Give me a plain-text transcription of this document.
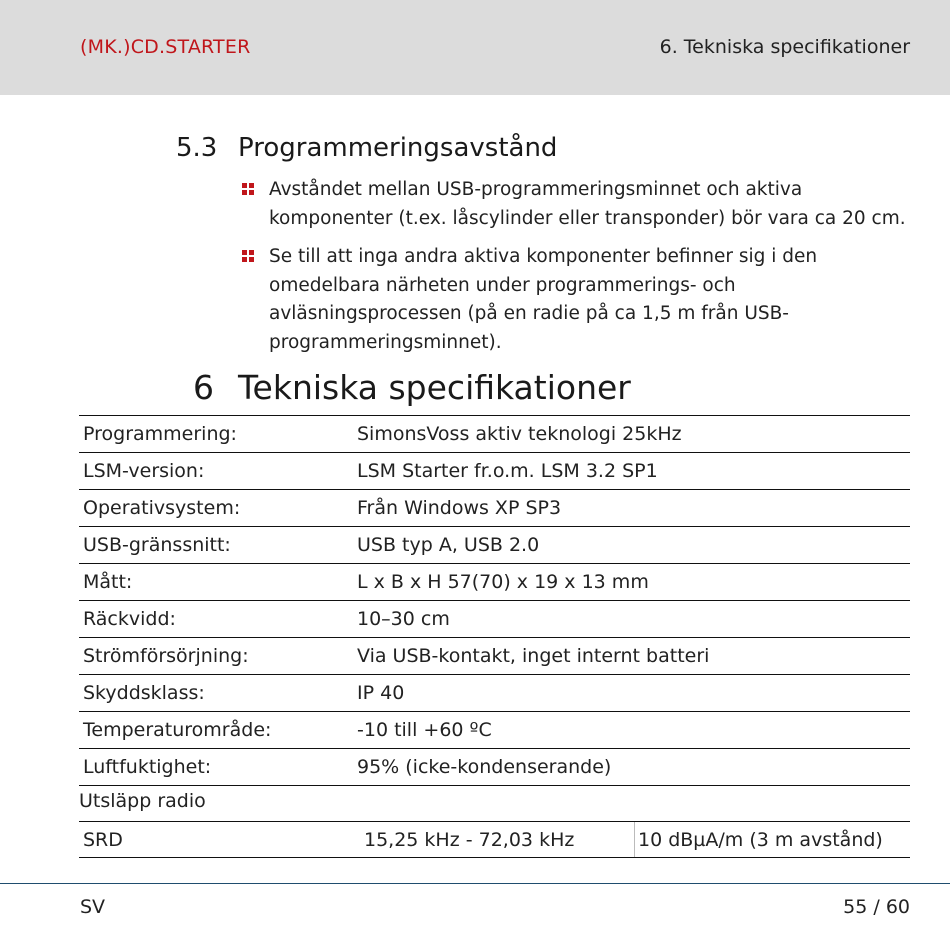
(MK.)CD.STARTER	6. Tekniska specifikationer
5.3 Programmeringsavstånd
Avståndet mellan USB-programmeringsminnet och aktiva komponenter (t.ex. låscylinder eller transponder) bör vara ca 20 cm.
Se till att inga andra aktiva komponenter befinner sig i den omedelbara närheten under programmerings- och avläsningsprocessen (på en radie på ca 1,5 m från USB-programmeringsminnet).
6 Tekniska specifikationer
Programmering:	SimonsVoss aktiv teknologi 25kHz
LSM-version:	LSM Starter fr.o.m. LSM 3.2 SP1
Operativsystem:	Från Windows XP SP3
USB-gränssnitt:	USB typ A, USB 2.0
Mått:	L x B x H 57(70) x 19 x 13 mm
Räckvidd:	10–30 cm
Strömförsörjning:	Via USB-kontakt, inget internt batteri
Skyddsklass:	IP 40
Temperaturområde:	-10 till +60 ºC
Luftfuktighet:	95% (icke-kondenserande)
Utsläpp radio
SRD	15,25 kHz - 72,03 kHz	10 dBµA/m (3 m avstånd)
SV	55 / 60
